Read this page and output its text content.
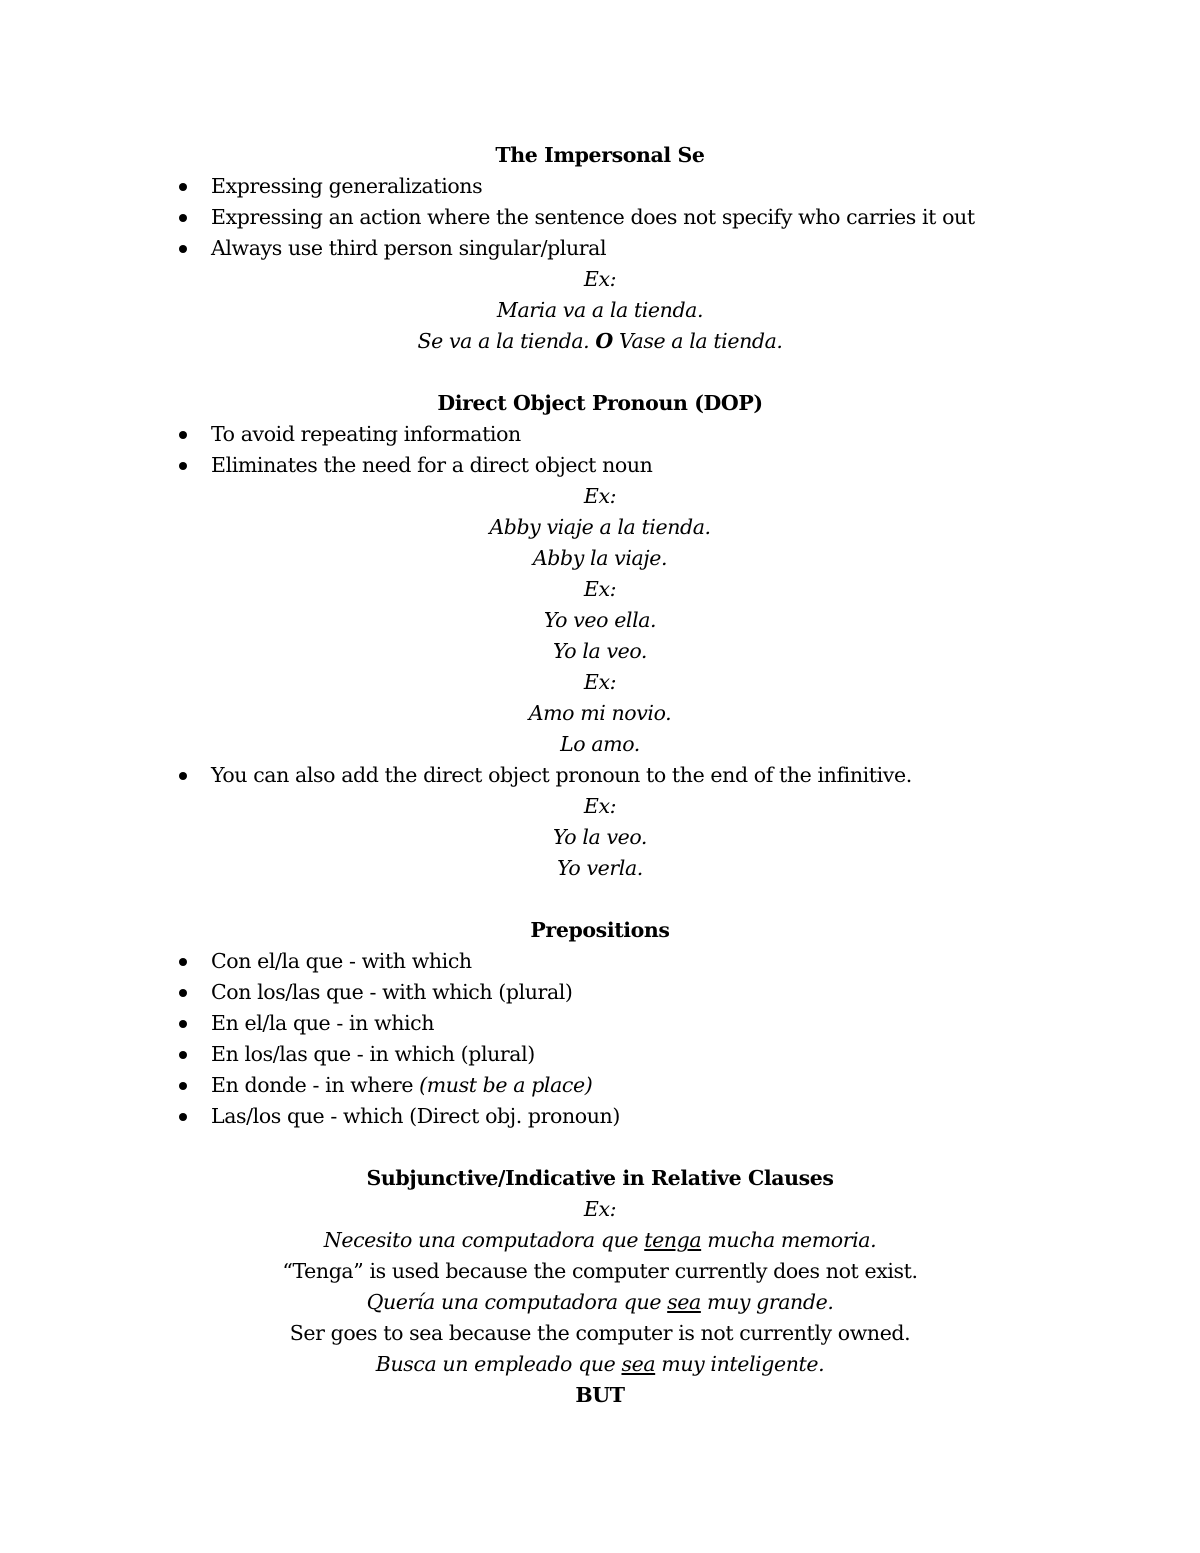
The Impersonal Se
Expressing generalizations
Expressing an action where the sentence does not specify who carries it out
Always use third person singular/plural
Ex:
Maria va a la tienda.
Se va a la tienda. O Vase a la tienda.
Direct Object Pronoun (DOP)
To avoid repeating information
Eliminates the need for a direct object noun
Ex:
Abby viaje a la tienda.
Abby la viaje.
Ex:
Yo veo ella.
Yo la veo.
Ex:
Amo mi novio.
Lo amo.
You can also add the direct object pronoun to the end of the infinitive.
Ex:
Yo la veo.
Yo verla.
Prepositions
Con el/la que - with which
Con los/las que - with which (plural)
En el/la que - in which
En los/las que - in which (plural)
En donde - in where (must be a place)
Las/los que - which (Direct obj. pronoun)
Subjunctive/Indicative in Relative Clauses
Ex:
Necesito una computadora que tenga mucha memoria.
“Tenga” is used because the computer currently does not exist.
Quería una computadora que sea muy grande.
Ser goes to sea because the computer is not currently owned.
Busca un empleado que sea muy inteligente.
BUT
